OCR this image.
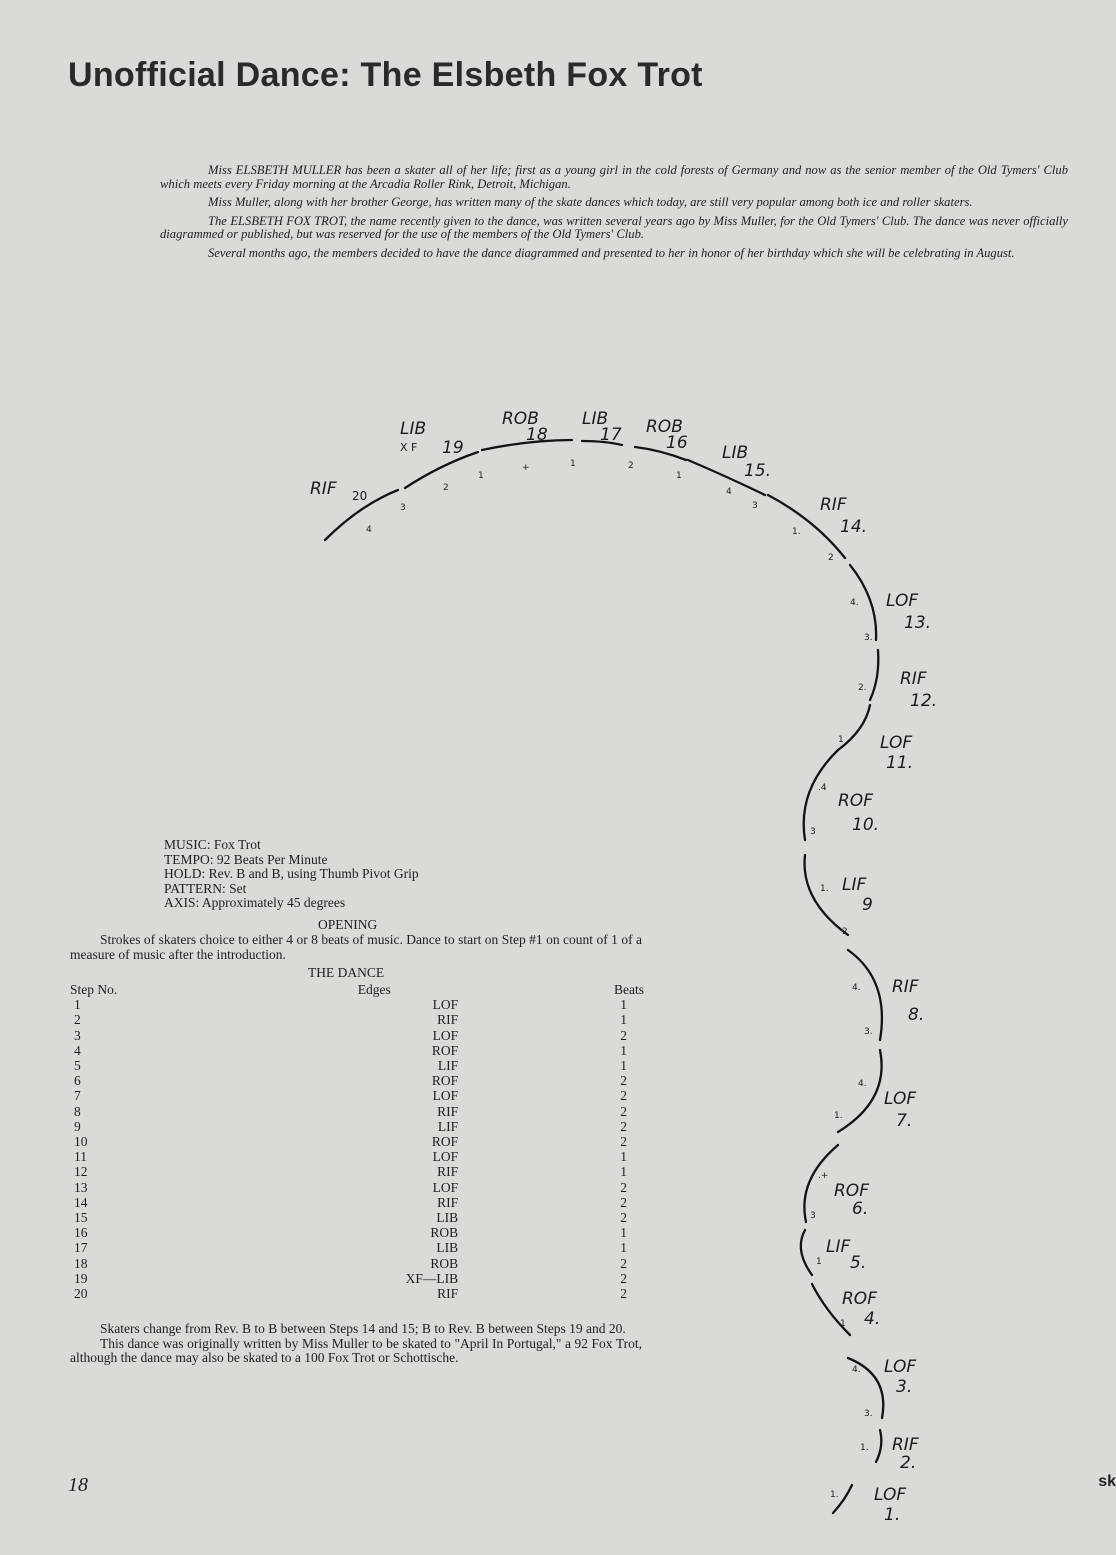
Unofficial Dance: The Elsbeth Fox Trot

Miss ELSBETH MULLER has been a skater all of her life; first as a young girl in the cold forests of Germany and now as the senior member of the Old Tymers' Club which meets every Friday morning at the Arcadia Roller Rink, Detroit, Michigan.

Miss Muller, along with her brother George, has written many of the skate dances which today, are still very popular among both ice and roller skaters.

The ELSBETH FOX TROT, the name recently given to the dance, was written several years ago by Miss Muller, for the Old Tymers' Club. The dance was never officially diagrammed or published, but was reserved for the use of the members of the Old Tymers' Club.

Several months ago, the members decided to have the dance diagrammed and presented to her in honor of her birthday which she will be celebrating in August.

1.
1.
4.
3.
1
1
.+
3
4.
1.
4.
3.
1.
2
.4
3
1
2.
4.
3.
1.
2
4
3
1
2
1
+
1
2
3
4
LOF
1.
RIF
2.
LOF
3.
ROF
4.
LIF
5.
ROF
6.
LOF
7.
RIF
8.
LIF
9
ROF
10.
LOF
11.
RIF
12.
LOF
13.
RIF
14.
LIB
15.
ROB
16
LIB
17
ROB
18
LIB
X F 19
RIF 20
MUSIC: Fox Trot
TEMPO: 92 Beats Per Minute
HOLD: Rev. B and B, using Thumb Pivot Grip
PATTERN: Set
AXIS: Approximately 45 degrees
OPENING

Strokes of skaters choice to either 4 or 8 beats of music. Dance to start on Step #1 on count of 1 of a measure of music after the introduction.

THE DANCE
Step No.	Edges	Beats
1	LOF	1
2	RIF	1
3	LOF	2
4	ROF	1
5	LIF	1
6	ROF	2
7	LOF	2
8	RIF	2
9	LIF	2
10	ROF	2
11	LOF	1
12	RIF	1
13	LOF	2
14	RIF	2
15	LIB	2
16	ROB	1
17	LIB	1
18	ROB	2
19	XF—LIB	2
20	RIF	2

Skaters change from Rev. B to B between Steps 14 and 15; B to Rev. B between Steps 19 and 20.

This dance was originally written by Miss Muller to be skated to "April In Portugal," a 92 Fox Trot, although the dance may also be skated to a 100 Fox Trot or Schottische.

18	sk
